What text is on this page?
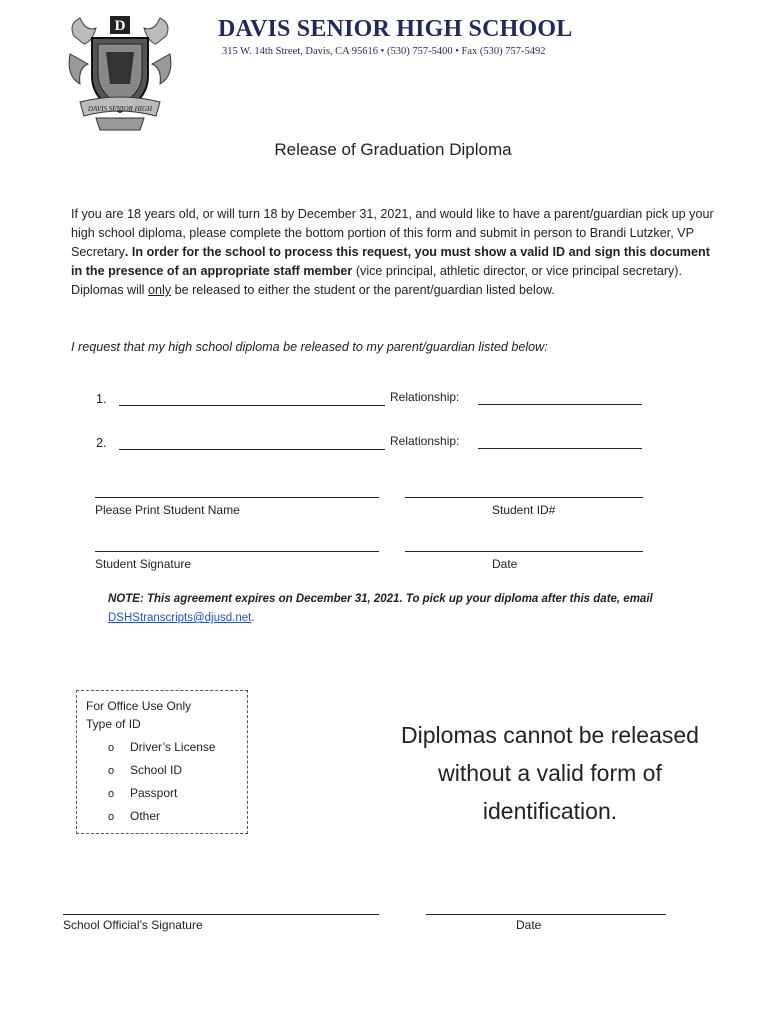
D
DAVIS SENIOR HIGH
DAVIS SENIOR HIGH SCHOOL
315 W. 14th Street, Davis, CA 95616 • (530) 757-5400 • Fax (530) 757-5492
Release of Graduation Diploma
If you are 18 years old, or will turn 18 by December 31, 2021, and would like to have a parent/guardian pick up your high school diploma, please complete the bottom portion of this form and submit in person to Brandi Lutzker, VP Secretary. In order for the school to process this request, you must show a valid ID and sign this document in the presence of an appropriate staff member (vice principal, athletic director, or vice principal secretary). Diplomas will only be released to either the student or the parent/guardian listed below.
I request that my high school diploma be released to my parent/guardian listed below:
1.	Relationship:
2.	Relationship:
Please Print Student Name	Student ID#
Student Signature	Date
NOTE: This agreement expires on December 31, 2021. To pick up your diploma after this date, email
DSHStranscripts@djusd.net.
For Office Use Only
Type of ID
o Driver’s License
o School ID
o Passport
o Other
Diplomas cannot be released without a valid form of identification.
School Official’s Signature	Date
